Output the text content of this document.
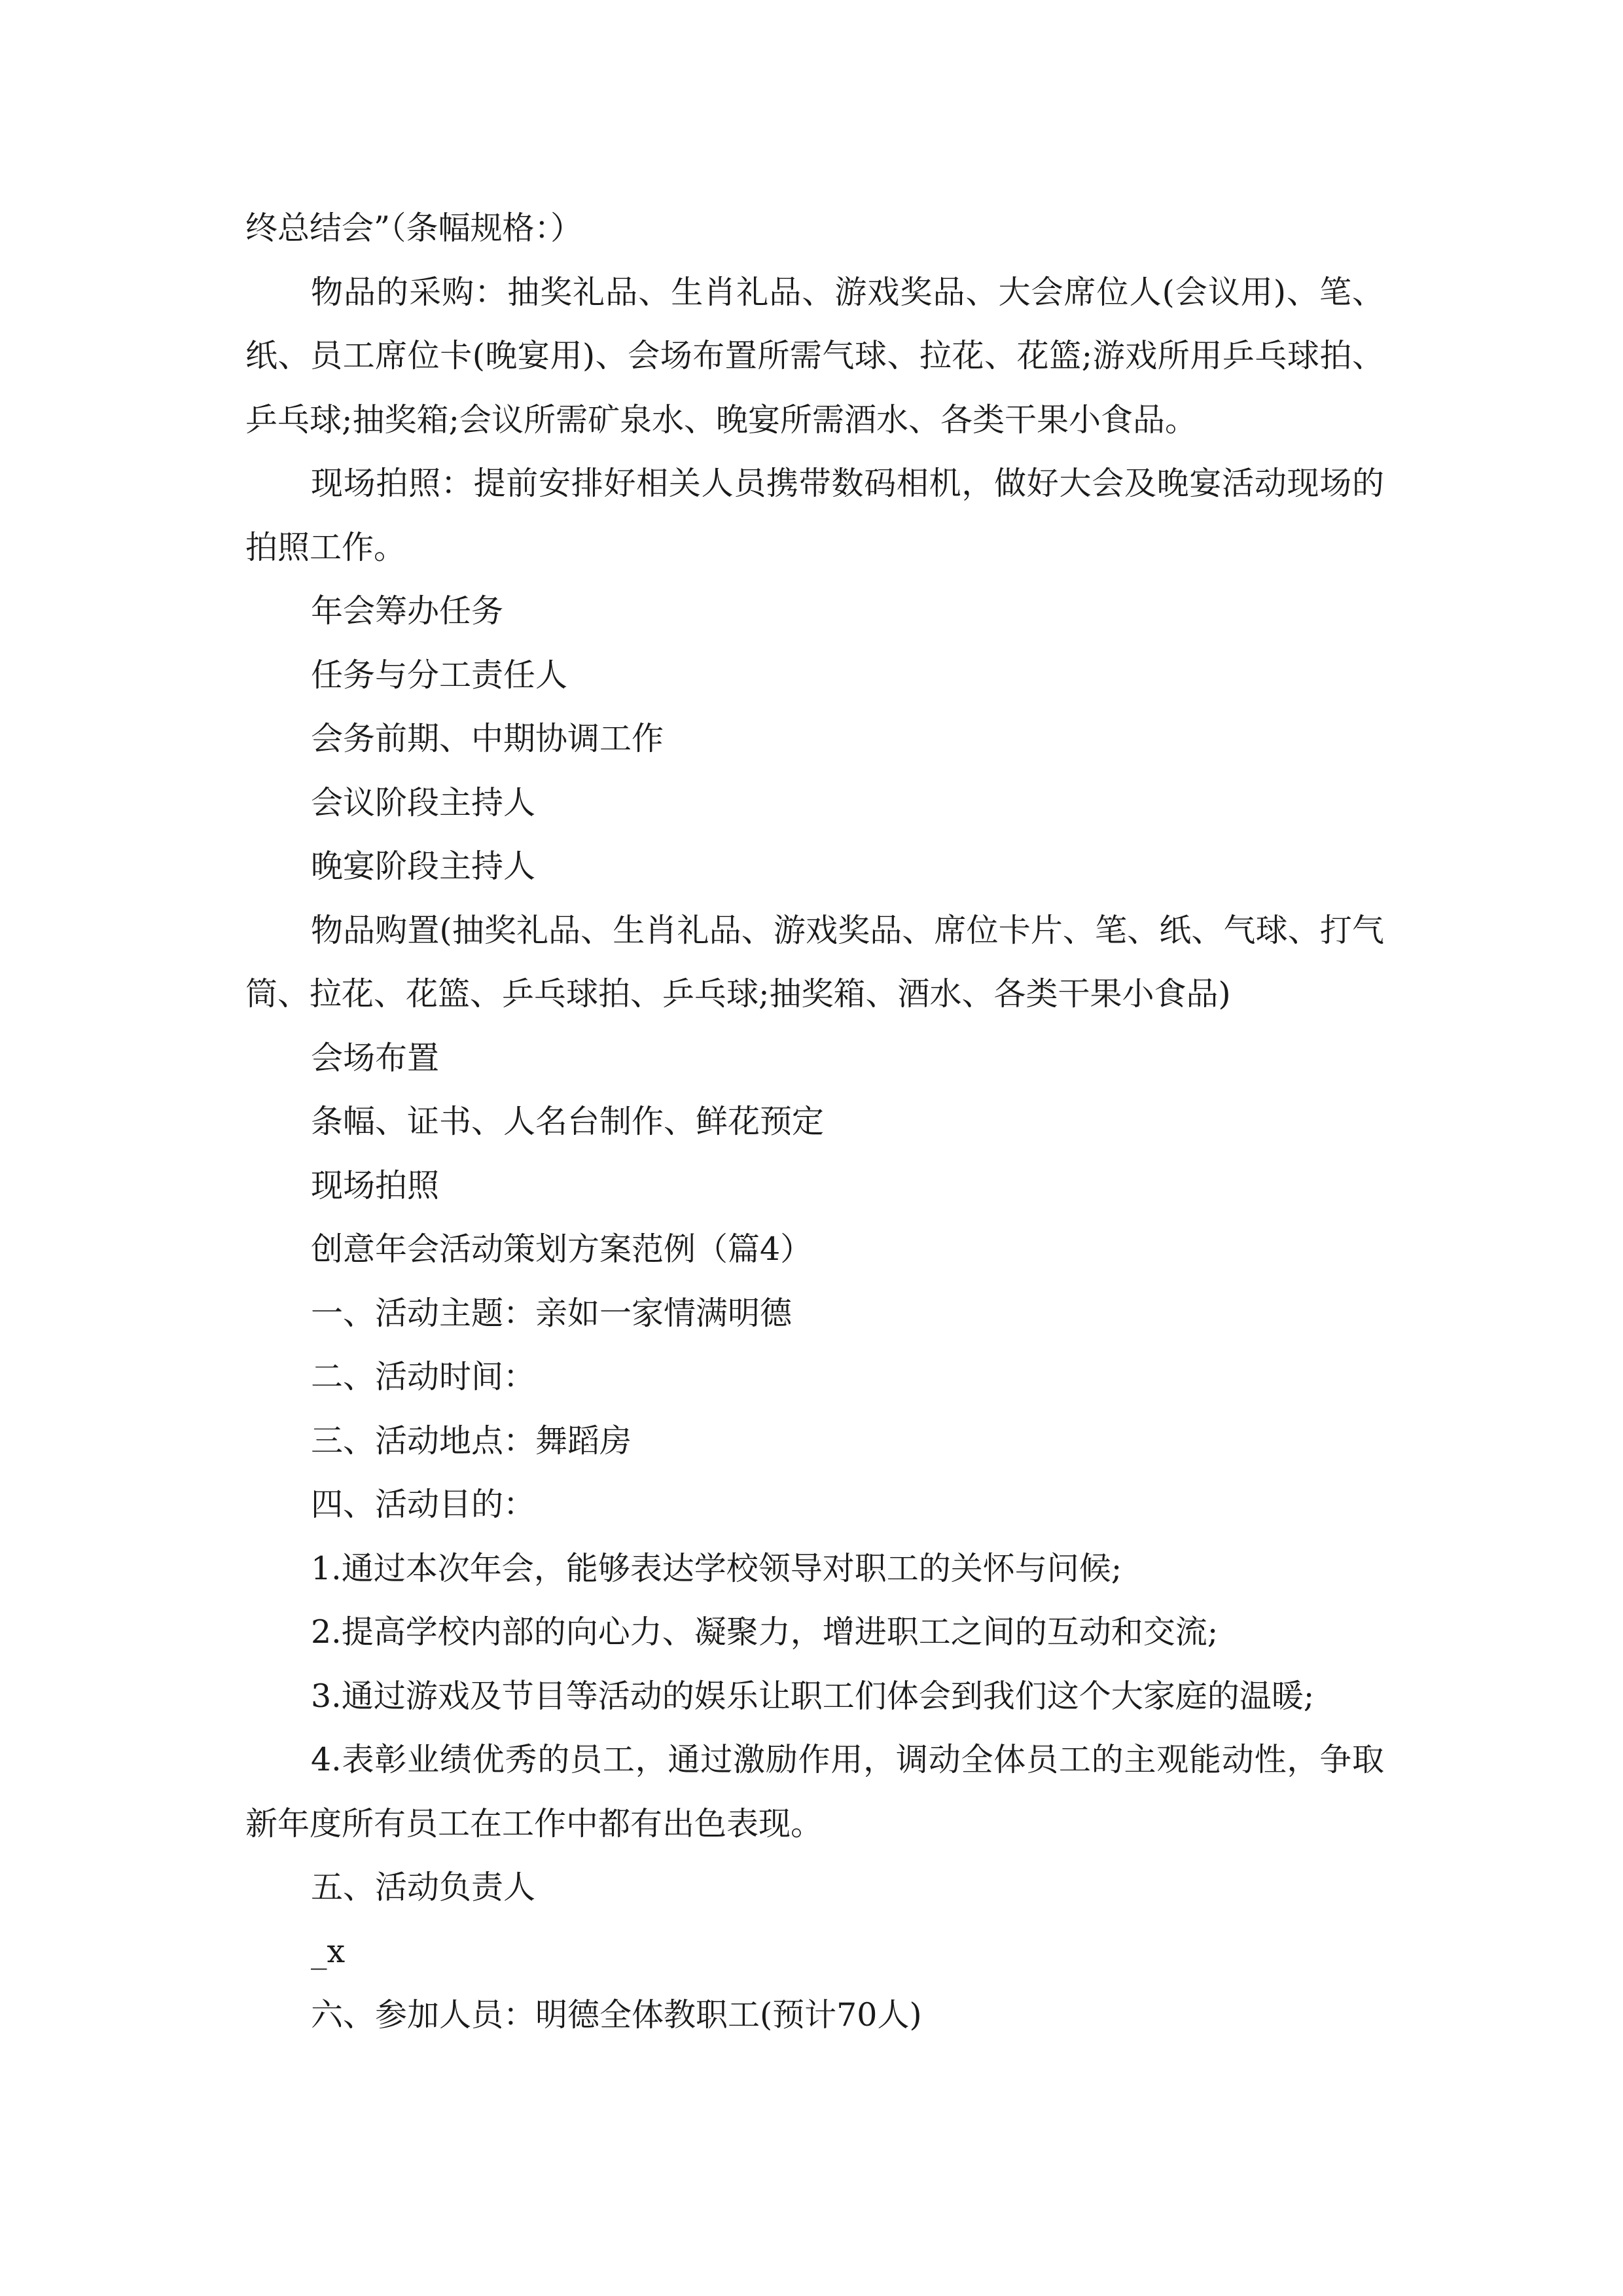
终总结会”（条幅规格：）

物品的采购：抽奖礼品、生肖礼品、游戏奖品、大会席位人(会议用)、笔、纸、员工席位卡(晚宴用)、会场布置所需气球、拉花、花篮;游戏所用乒乓球拍、乒乓球;抽奖箱;会议所需矿泉水、晚宴所需酒水、各类干果小食品。

现场拍照：提前安排好相关人员携带数码相机，做好大会及晚宴活动现场的拍照工作。

年会筹办任务

任务与分工责任人

会务前期、中期协调工作

会议阶段主持人

晚宴阶段主持人

物品购置(抽奖礼品、生肖礼品、游戏奖品、席位卡片、笔、纸、气球、打气筒、拉花、花篮、乒乓球拍、乒乓球;抽奖箱、酒水、各类干果小食品)

会场布置

条幅、证书、人名台制作、鲜花预定

现场拍照

创意年会活动策划方案范例（篇4）

一、活动主题：亲如一家情满明德

二、活动时间：

三、活动地点：舞蹈房

四、活动目的：

1.通过本次年会，能够表达学校领导对职工的关怀与问候;

2.提高学校内部的向心力、凝聚力，增进职工之间的互动和交流;

3.通过游戏及节目等活动的娱乐让职工们体会到我们这个大家庭的温暖;

4.表彰业绩优秀的员工，通过激励作用，调动全体员工的主观能动性，争取新年度所有员工在工作中都有出色表现。

五、活动负责人

_x

六、参加人员：明德全体教职工(预计70人)
